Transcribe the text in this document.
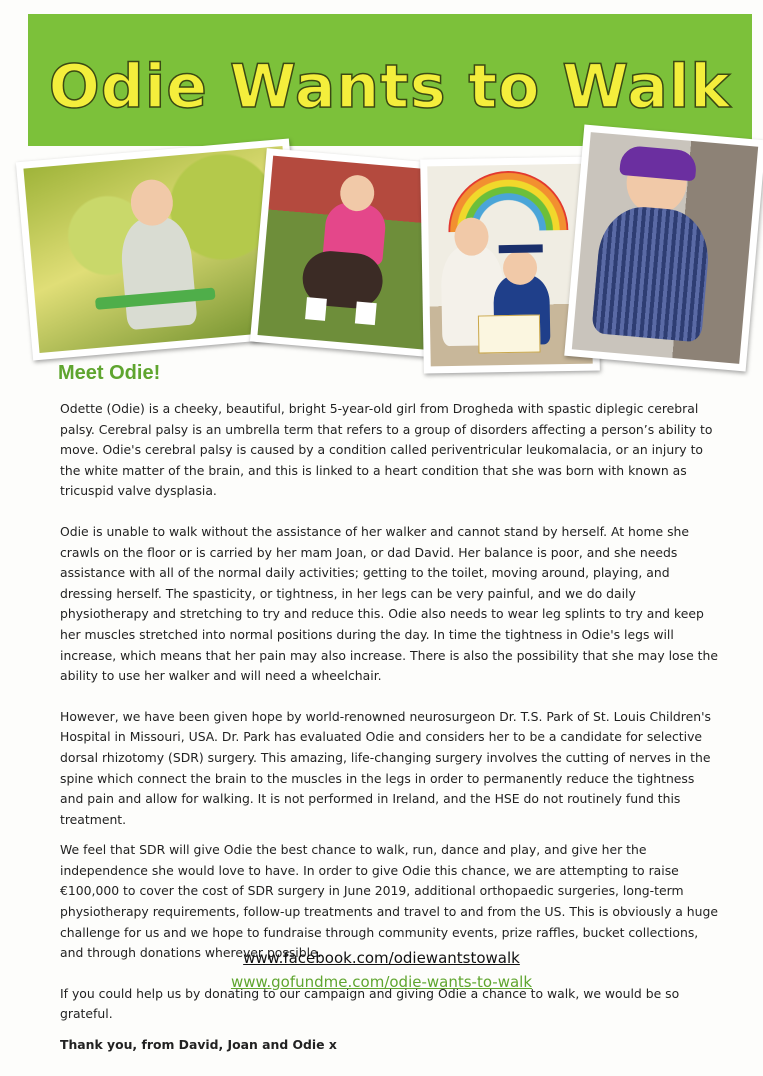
Odie Wants to Walk
Meet Odie!

Odette (Odie) is a cheeky, beautiful, bright 5-year-old girl from Drogheda with spastic diplegic cerebral palsy. Cerebral palsy is an umbrella term that refers to a group of disorders affecting a person’s ability to move. Odie's cerebral palsy is caused by a condition called periventricular leukomalacia, or an injury to the white matter of the brain, and this is linked to a heart condition that she was born with known as tricuspid valve dysplasia.

Odie is unable to walk without the assistance of her walker and cannot stand by herself. At home she crawls on the floor or is carried by her mam Joan, or dad David. Her balance is poor, and she needs assistance with all of the normal daily activities; getting to the toilet, moving around, playing, and dressing herself. The spasticity, or tightness, in her legs can be very painful, and we do daily physiotherapy and stretching to try and reduce this. Odie also needs to wear leg splints to try and keep her muscles stretched into normal positions during the day. In time the tightness in Odie's legs will increase, which means that her pain may also increase. There is also the possibility that she may lose the ability to use her walker and will need a wheelchair.

However, we have been given hope by world-renowned neurosurgeon Dr. T.S. Park of St. Louis Children's Hospital in Missouri, USA. Dr. Park has evaluated Odie and considers her to be a candidate for selective dorsal rhizotomy (SDR) surgery. This amazing, life-changing surgery involves the cutting of nerves in the spine which connect the brain to the muscles in the legs in order to permanently reduce the tightness and pain and allow for walking. It is not performed in Ireland, and the HSE do not routinely fund this treatment.

We feel that SDR will give Odie the best chance to walk, run, dance and play, and give her the independence she would love to have. In order to give Odie this chance, we are attempting to raise €100,000 to cover the cost of SDR surgery in June 2019, additional orthopaedic surgeries, long-term physiotherapy requirements, follow-up treatments and travel to and from the US. This is obviously a huge challenge for us and we hope to fundraise through community events, prize raffles, bucket collections, and through donations wherever possible.

If you could help us by donating to our campaign and giving Odie a chance to walk, we would be so grateful.

Thank you, from David, Joan and Odie x

www.facebook.com/odiewantstowalk
www.gofundme.com/odie-wants-to-walk
